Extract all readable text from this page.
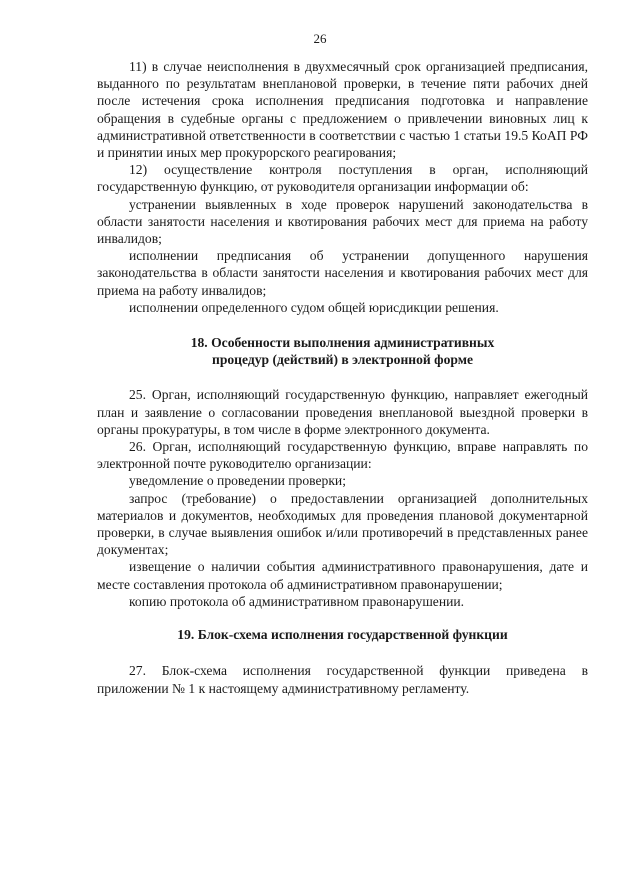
26

11) в случае неисполнения в двухмесячный срок организацией предписания, выданного по результатам внеплановой проверки, в течение пяти рабочих дней после истечения срока исполнения предписания подготовка и направление обращения в судебные органы с предложением о привлечении виновных лиц к административной ответственности в соответствии с частью 1 статьи 19.5 КоАП РФ и принятии иных мер прокурорского реагирования;

12) осуществление контроля поступления в орган, исполняющий государственную функцию, от руководителя организации информации об:

устранении выявленных в ходе проверок нарушений законодательства в области занятости населения и квотирования рабочих мест для приема на работу инвалидов;

исполнении предписания об устранении допущенного нарушения законодательства в области занятости населения и квотирования рабочих мест для приема на работу инвалидов;

исполнении определенного судом общей юрисдикции решения.

18. Особенности выполнения административных
процедур (действий) в электронной форме

25. Орган, исполняющий государственную функцию, направляет ежегодный план и заявление о согласовании проведения внеплановой выездной проверки в органы прокуратуры, в том числе в форме электронного документа.

26. Орган, исполняющий государственную функцию, вправе направлять по электронной почте руководителю организации:

уведомление о проведении проверки;

запрос (требование) о предоставлении организацией дополнительных материалов и документов, необходимых для проведения плановой документарной проверки, в случае выявления ошибок и/или противоречий в представленных ранее документах;

извещение о наличии события административного правонарушения, дате и месте составления протокола об административном правонарушении;

копию протокола об административном правонарушении.

19. Блок-схема исполнения государственной функции

27. Блок-схема исполнения государственной функции приведена в приложении № 1 к настоящему административному регламенту.
